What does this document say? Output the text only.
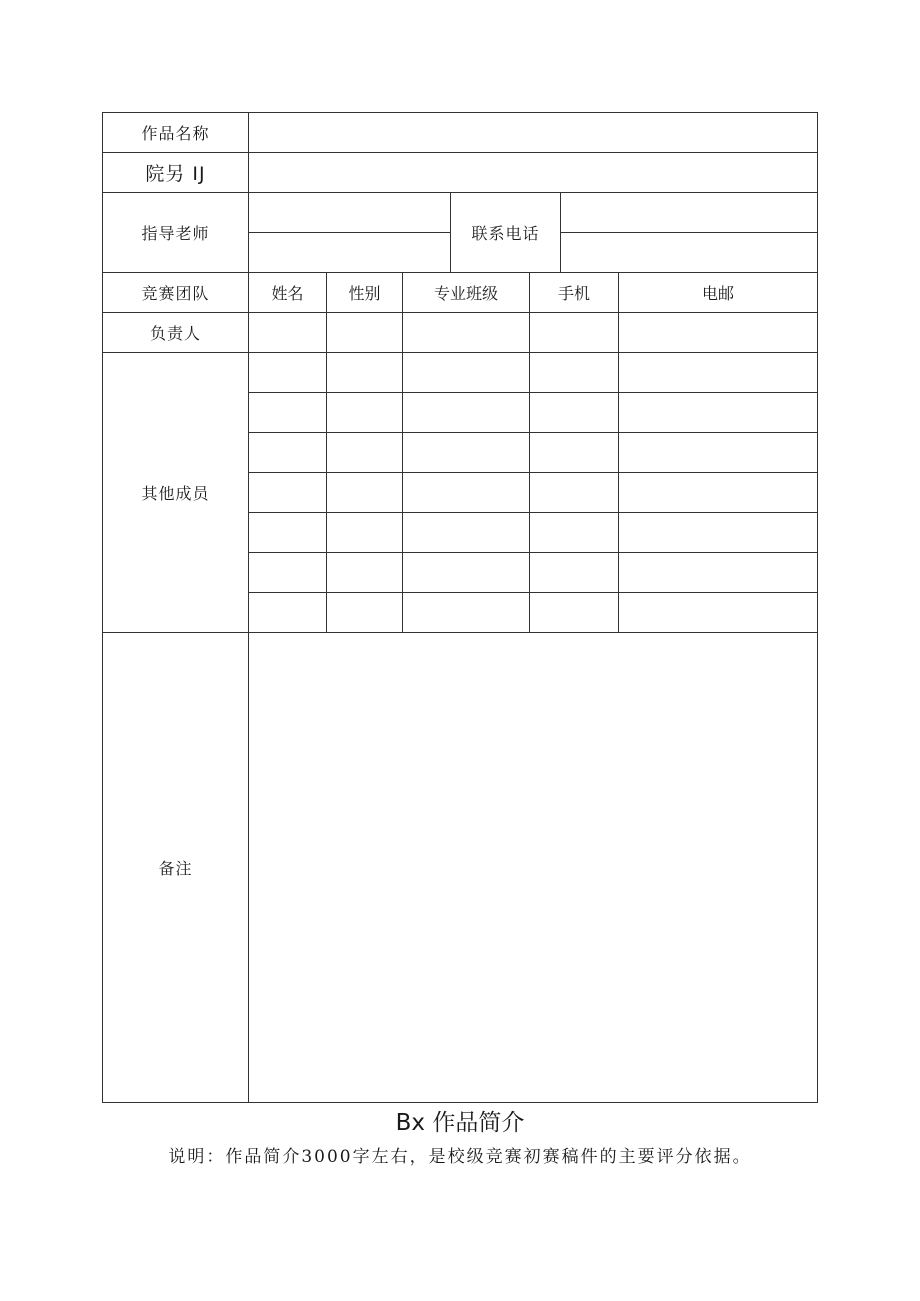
作品名称							
院另 IJ							
指导老师				联系电话			

竞赛团队	姓名	性别	专业班级		手机		电邮
负责人							
其他成员							

备注							
Bx 作品简介
说明：作品简介3000字左右，是校级竞赛初赛稿件的主要评分依据。
